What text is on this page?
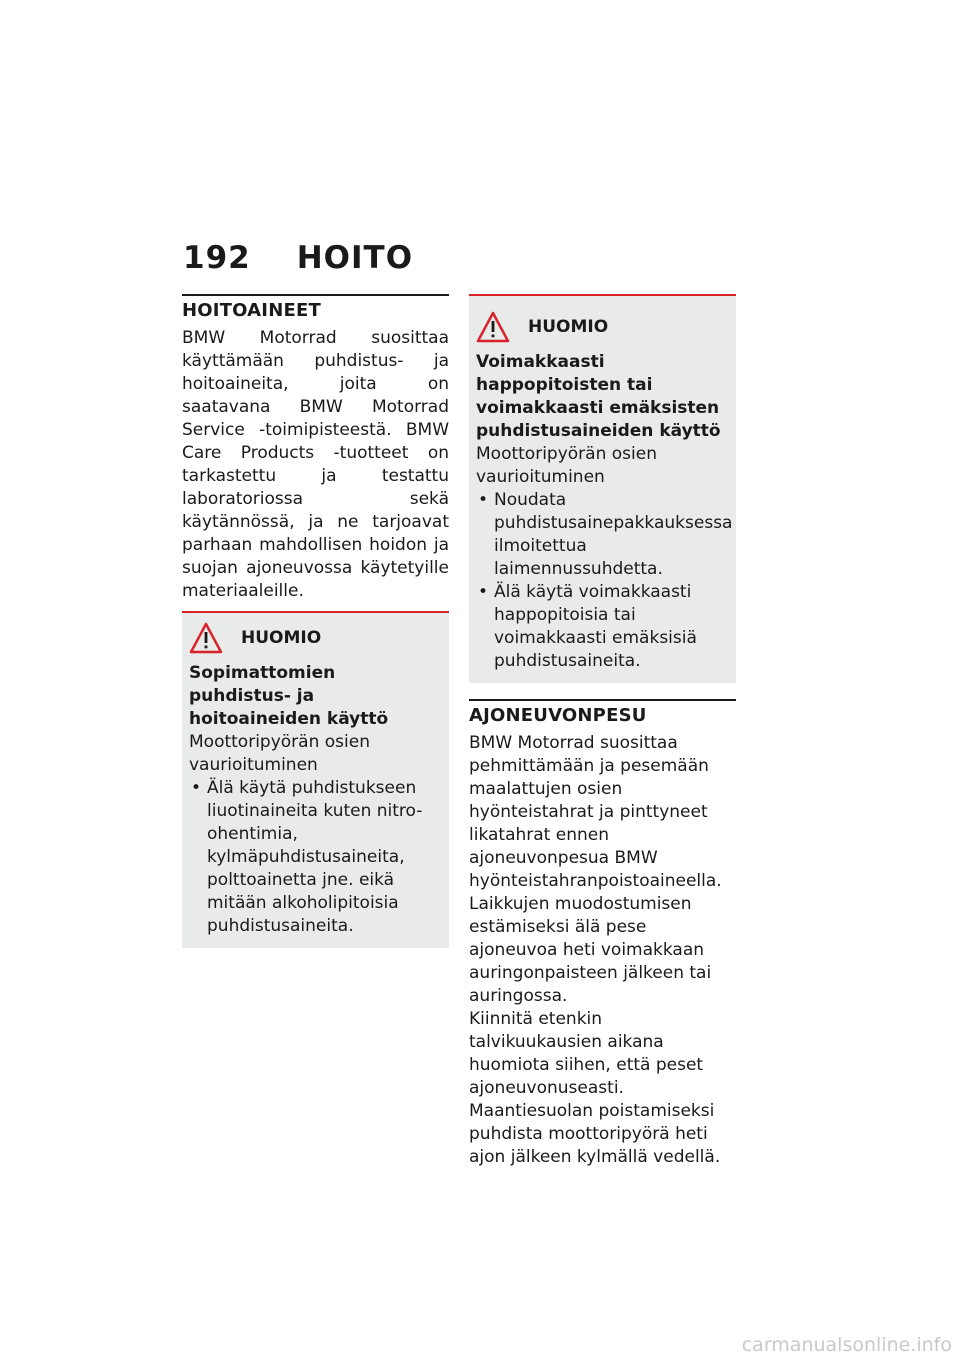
192 HOITO
HOITOAINEET

BMW Motorrad suosittaa käyttämään puhdistus- ja hoitoaineita, joita on saatavana BMW Motorrad Service -toimipisteestä. BMW Care Products -tuotteet on tarkastettu ja testattu laboratoriossa sekä käytännössä, ja ne tarjoavat parhaan mahdollisen hoidon ja suojan ajoneuvossa käytetyille materiaaleille.

HUOMIO
Sopimattomien puhdistus- ja hoitoaineiden käyttö
Moottoripyörän osien vaurioituminen
• Älä käytä puhdistukseen liuotinaineita kuten nitro-ohentimia, kylmäpuhdistusaineita, polttoainetta jne. eikä mitään alkoholipitoisia puhdistusaineita.
HUOMIO
Voimakkaasti happopitoisten tai voimakkaasti emäksisten puhdistusaineiden käyttö
Moottoripyörän osien vaurioituminen
• Noudata puhdistusainepakkauksessa ilmoitettua laimennussuhdetta.
• Älä käytä voimakkaasti happopitoisia tai voimakkaasti emäksisiä puhdistusaineita.
AJONEUVONPESU

BMW Motorrad suosittaa pehmittämään ja pesemään maalattujen osien hyönteistahrat ja pinttyneet likatahrat ennen ajoneuvonpesua BMW hyönteistahranpoistoaineella.

Laikkujen muodostumisen estämiseksi älä pese ajoneuvoa heti voimakkaan auringonpaisteen jälkeen tai auringossa.

Kiinnitä etenkin talvikuukausien aikana huomiota siihen, että peset ajoneuvonuseasti.

Maantiesuolan poistamiseksi puhdista moottoripyörä heti ajon jälkeen kylmällä vedellä.

carmanualsonline.info
